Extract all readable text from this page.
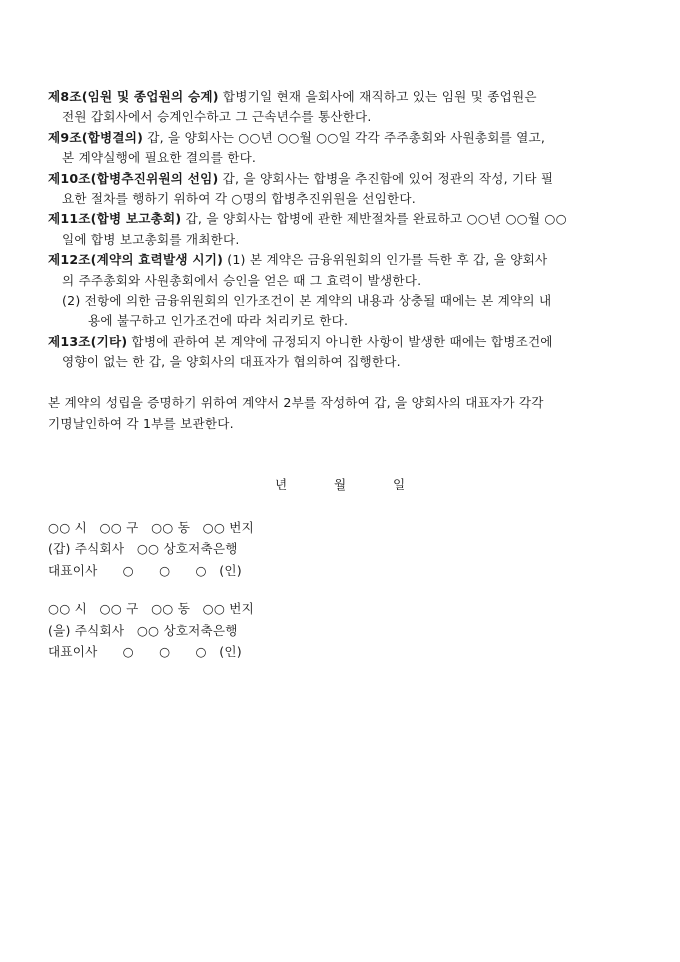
제8조(임원 및 종업원의 승계) 합병기일 현재 을회사에 재직하고 있는 임원 및 종업원은
전원 갑회사에서 승계인수하고 그 근속년수를 통산한다.
제9조(합병결의) 갑, 을 양회사는 ○○년 ○○월 ○○일 각각 주주총회와 사원총회를 열고,
본 계약실행에 필요한 결의를 한다.
제10조(합병추진위원의 선임) 갑, 을 양회사는 합병을 추진함에 있어 정관의 작성, 기타 필
요한 절차를 행하기 위하여 각 ○명의 합병추진위원을 선임한다.
제11조(합병 보고총회) 갑, 을 양회사는 합병에 관한 제반절차를 완료하고 ○○년 ○○월 ○○
일에 합병 보고총회를 개최한다.
제12조(계약의 효력발생 시기) (1) 본 계약은 금융위원회의 인가를 득한 후 갑, 을 양회사
의 주주총회와 사원총회에서 승인을 얻은 때 그 효력이 발생한다.
(2) 전항에 의한 금융위원회의 인가조건이 본 계약의 내용과 상충될 때에는 본 계약의 내
용에 불구하고 인가조건에 따라 처리키로 한다.
제13조(기타) 합병에 관하여 본 계약에 규정되지 아니한 사항이 발생한 때에는 합병조건에
영향이 없는 한 갑, 을 양회사의 대표자가 협의하여 집행한다.
본 계약의 성립을 증명하기 위하여 계약서 2부를 작성하여 갑, 을 양회사의 대표자가 각각
기명날인하여 각 1부를 보관한다.
년	월	일
○○ 시   ○○ 구   ○○ 동   ○○ 번지
(갑) 주식회사   ○○ 상호저축은행
대표이사      ○      ○      ○   (인)
○○ 시   ○○ 구   ○○ 동   ○○ 번지
(을) 주식회사   ○○ 상호저축은행
대표이사      ○      ○      ○   (인)
